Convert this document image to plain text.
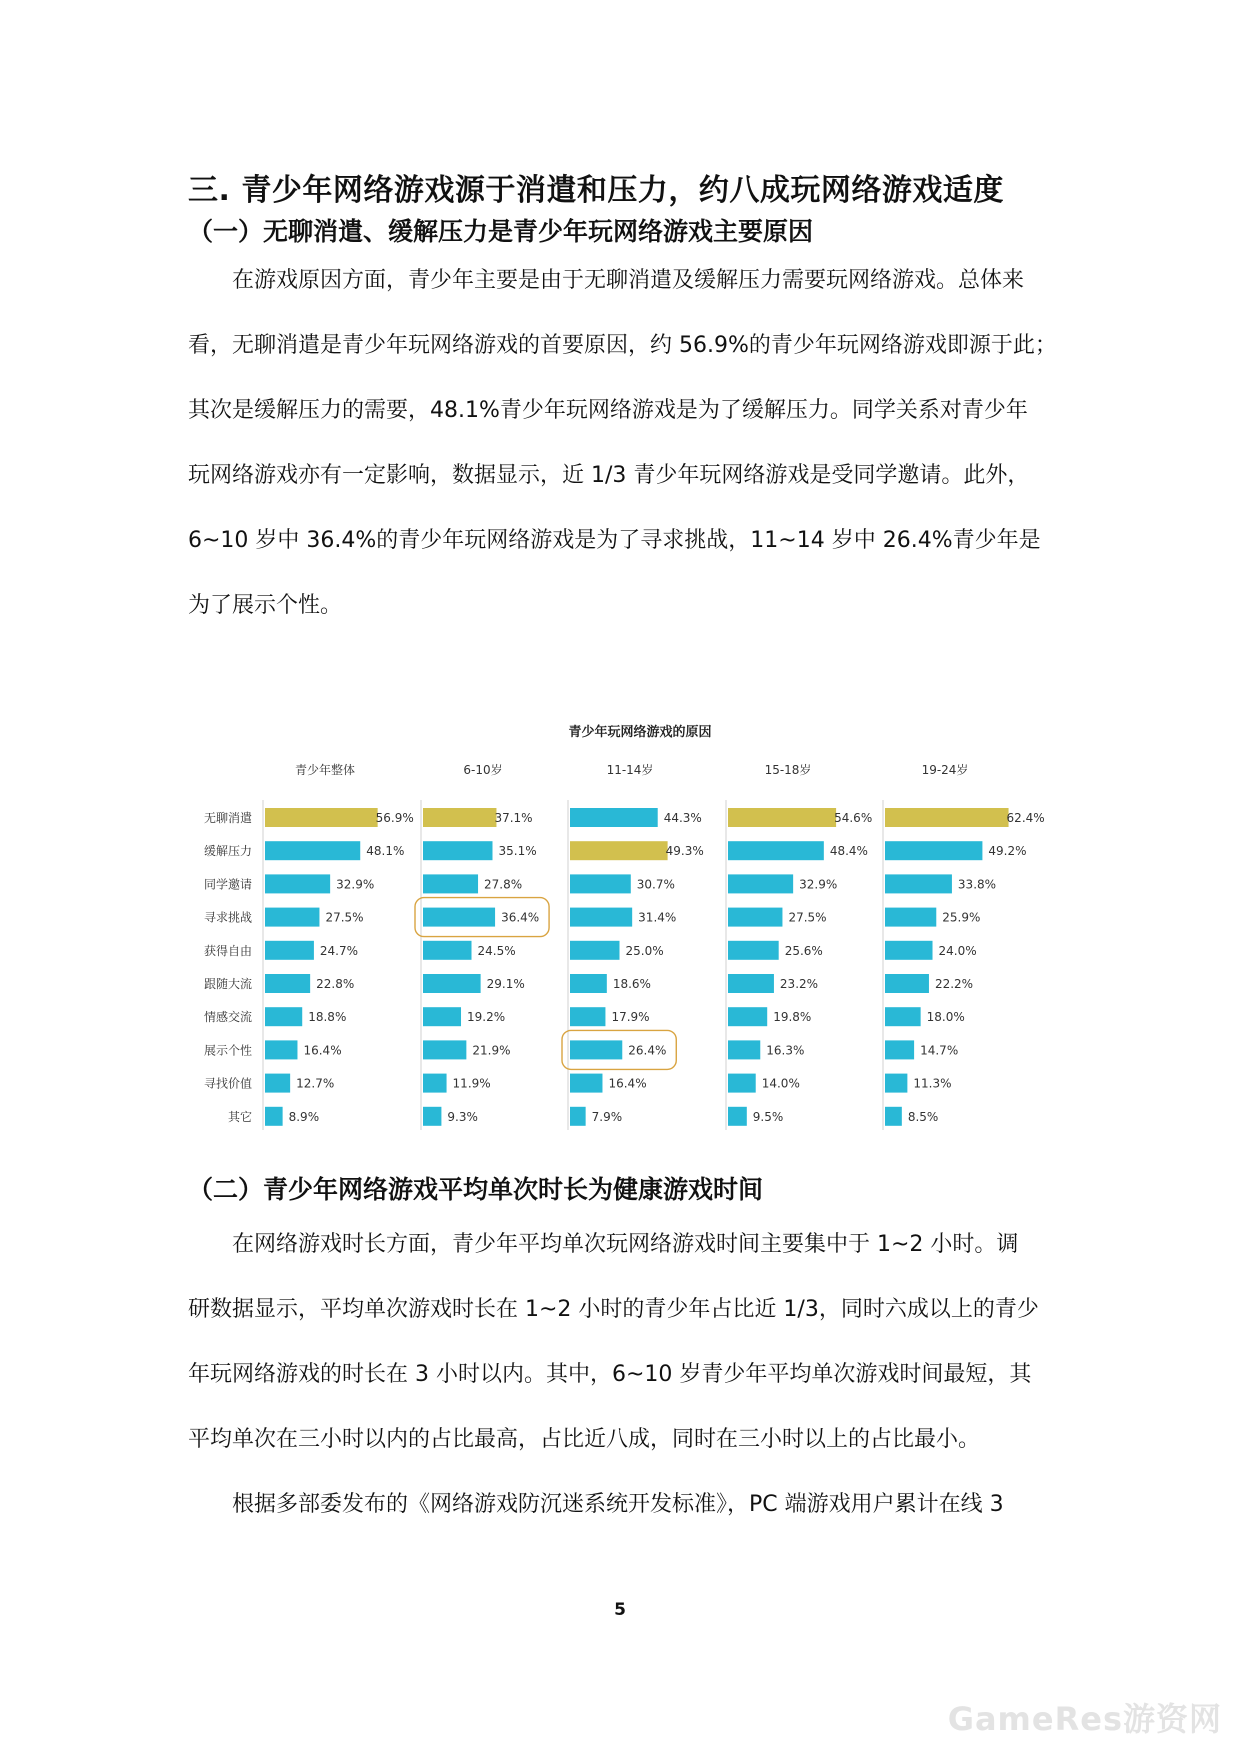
三. 青少年网络游戏源于消遣和压力，约八成玩网络游戏适度
（一）无聊消遣、缓解压力是青少年玩网络游戏主要原因
在游戏原因方面，青少年主要是由于无聊消遣及缓解压力需要玩网络游戏。总体来
看，无聊消遣是青少年玩网络游戏的首要原因，约 56.9%的青少年玩网络游戏即源于此；
其次是缓解压力的需要，48.1%青少年玩网络游戏是为了缓解压力。同学关系对青少年
玩网络游戏亦有一定影响，数据显示，近 1/3 青少年玩网络游戏是受同学邀请。此外，
6~10 岁中 36.4%的青少年玩网络游戏是为了寻求挑战，11~14 岁中 26.4%青少年是
为了展示个性。
青少年玩网络游戏的原因
无聊消遣
缓解压力
同学邀请
寻求挑战
获得自由
跟随大流
情感交流
展示个性
寻找价值
其它
青少年整体
56.9%
48.1%
32.9%
27.5%
24.7%
22.8%
18.8%
16.4%
12.7%
8.9%
6-10岁
37.1%
35.1%
27.8%
36.4%
24.5%
29.1%
19.2%
21.9%
11.9%
9.3%
11-14岁
44.3%
49.3%
30.7%
31.4%
25.0%
18.6%
17.9%
26.4%
16.4%
7.9%
15-18岁
54.6%
48.4%
32.9%
27.5%
25.6%
23.2%
19.8%
16.3%
14.0%
9.5%
19-24岁
62.4%
49.2%
33.8%
25.9%
24.0%
22.2%
18.0%
14.7%
11.3%
8.5%
（二）青少年网络游戏平均单次时长为健康游戏时间
在网络游戏时长方面，青少年平均单次玩网络游戏时间主要集中于 1~2 小时。调
研数据显示，平均单次游戏时长在 1~2 小时的青少年占比近 1/3，同时六成以上的青少
年玩网络游戏的时长在 3 小时以内。其中，6~10 岁青少年平均单次游戏时间最短，其
平均单次在三小时以内的占比最高，占比近八成，同时在三小时以上的占比最小。
根据多部委发布的《网络游戏防沉迷系统开发标准》，PC 端游戏用户累计在线 3
5
GameRes游资网
